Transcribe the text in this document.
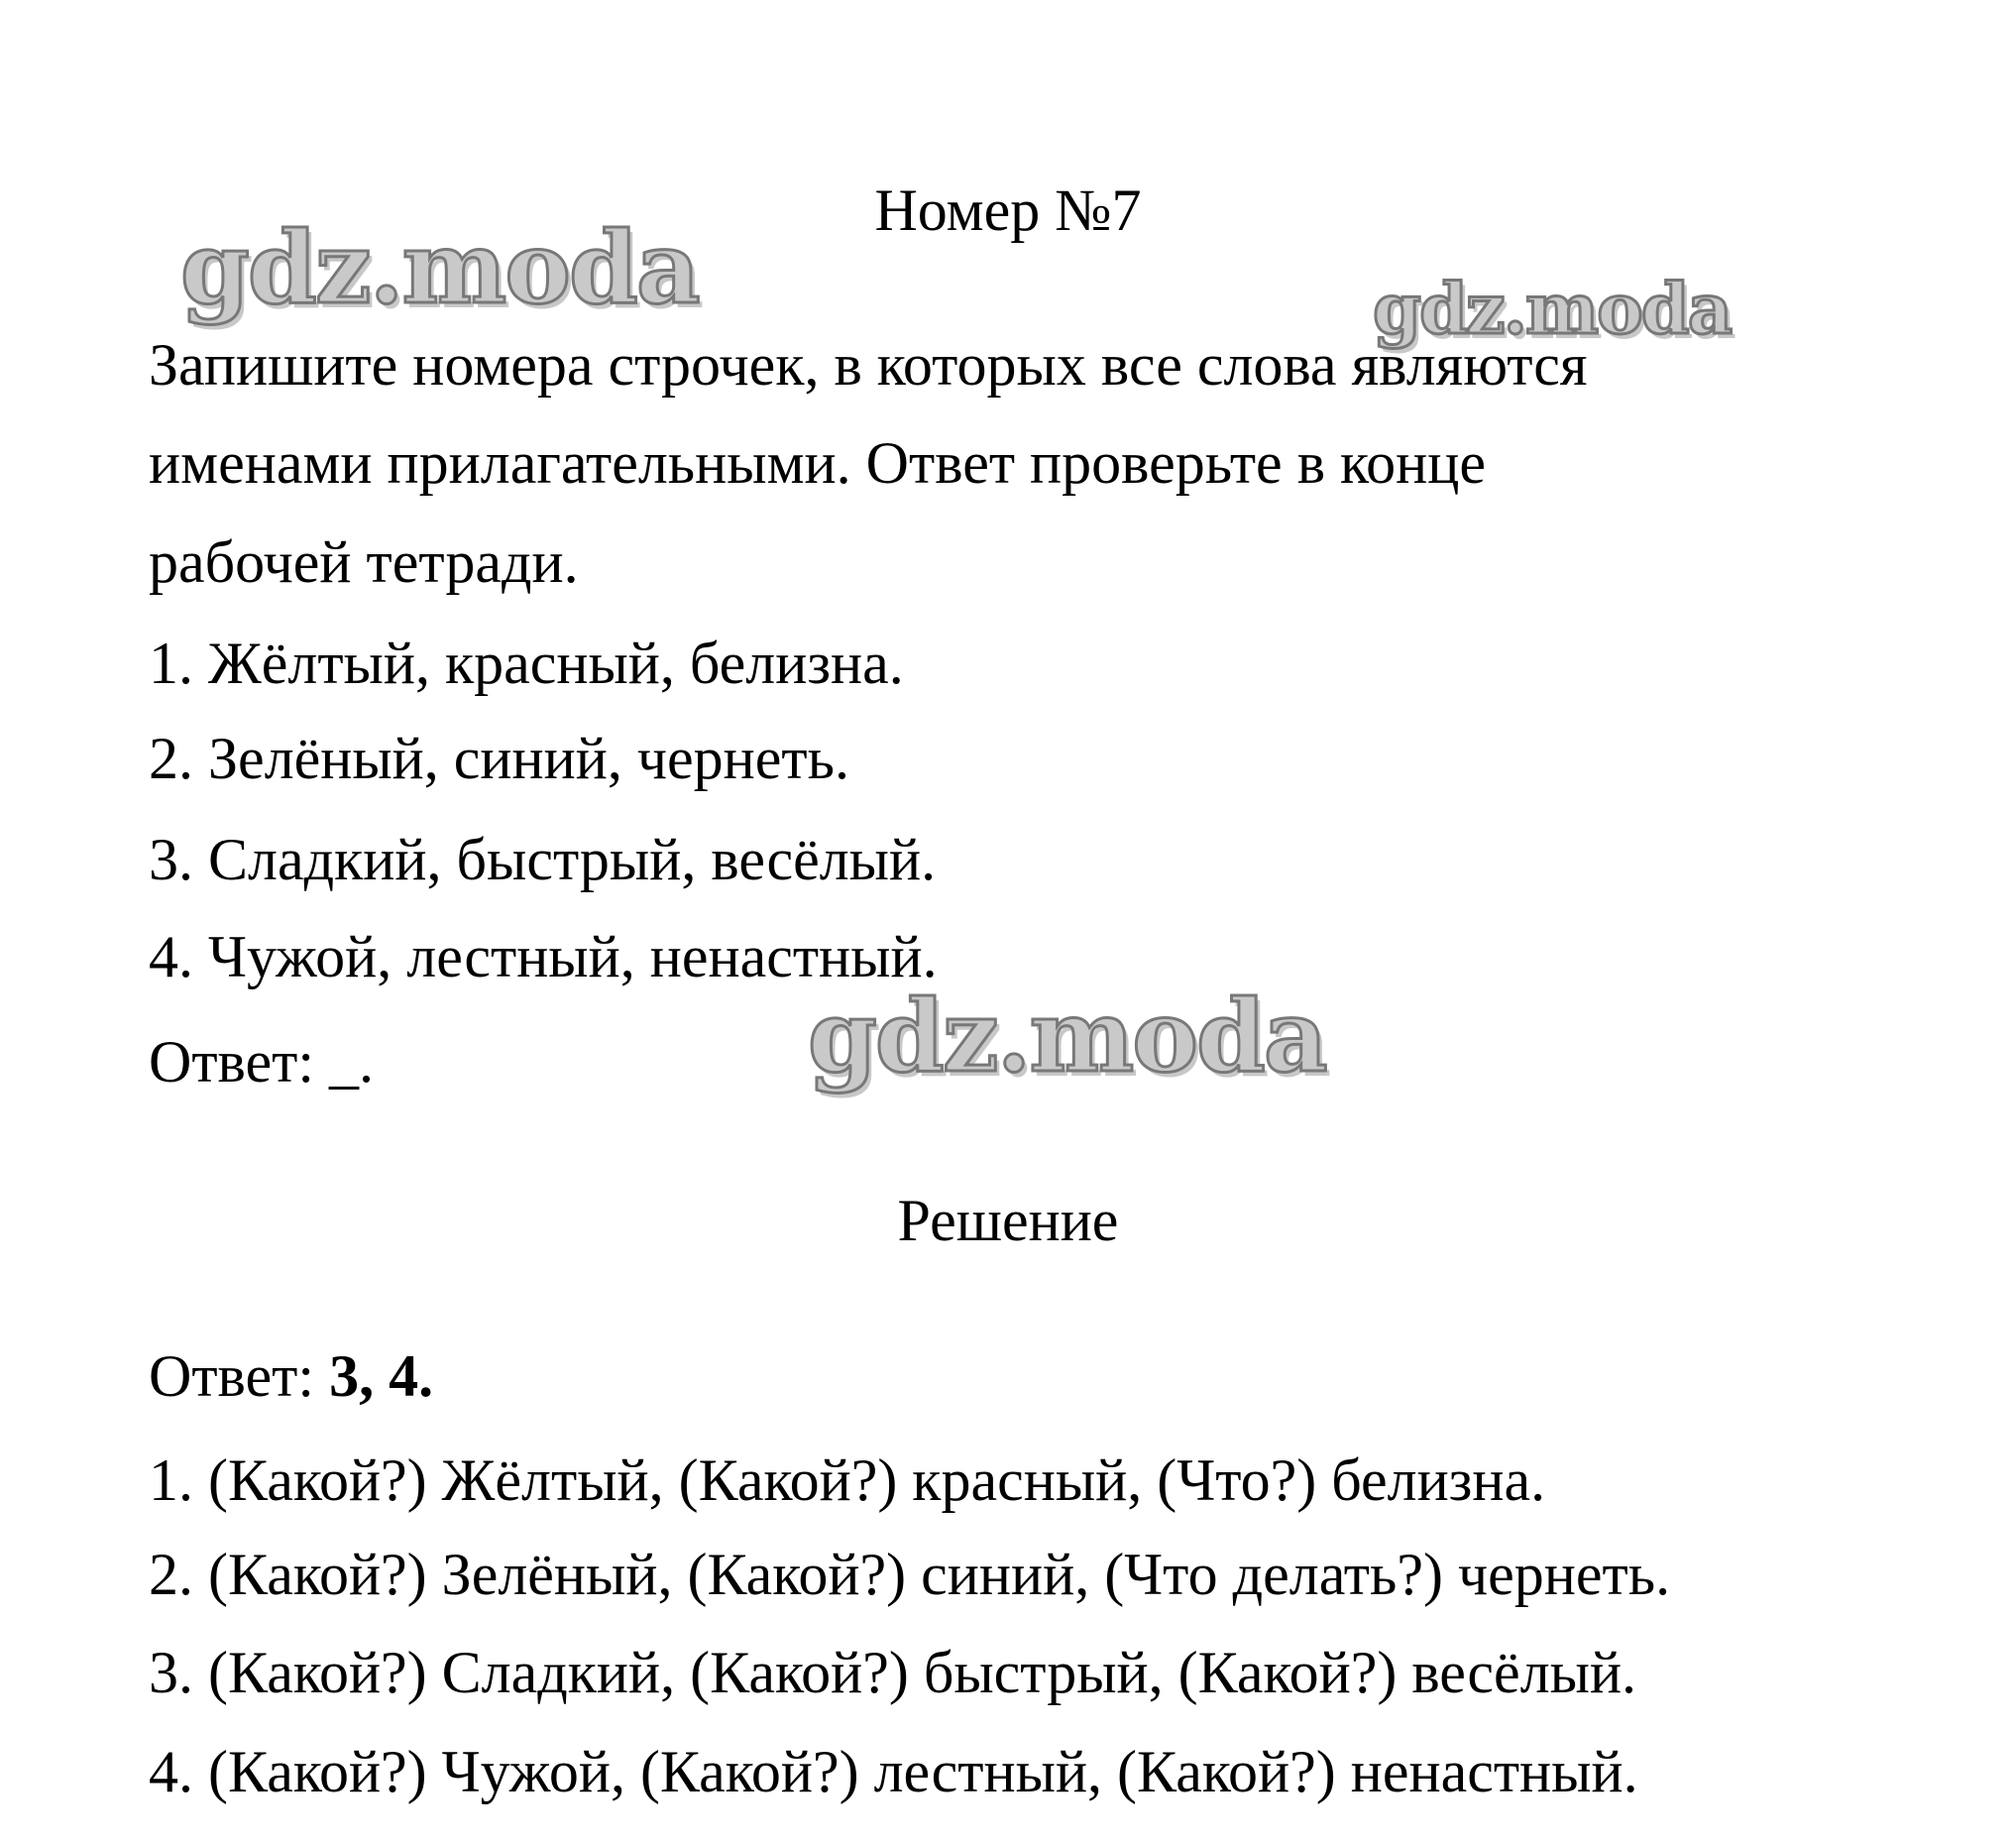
Номер №7
Запишите номера строчек, в которых все слова являются
именами прилагательными. Ответ проверьте в конце
рабочей тетради.
1. Жёлтый, красный, белизна.
2. Зелёный, синий, чернеть.
3. Сладкий, быстрый, весёлый.
4. Чужой, лестный, ненастный.
Ответ: _.
Решение
Ответ: 3, 4.
1. (Какой?) Жёлтый, (Какой?) красный, (Что?) белизна.
2. (Какой?) Зелёный, (Какой?) синий, (Что делать?) чернеть.
3. (Какой?) Сладкий, (Какой?) быстрый, (Какой?) весёлый.
4. (Какой?) Чужой, (Какой?) лестный, (Какой?) ненастный.
gdz.moda	gdz.moda
gdz.moda
